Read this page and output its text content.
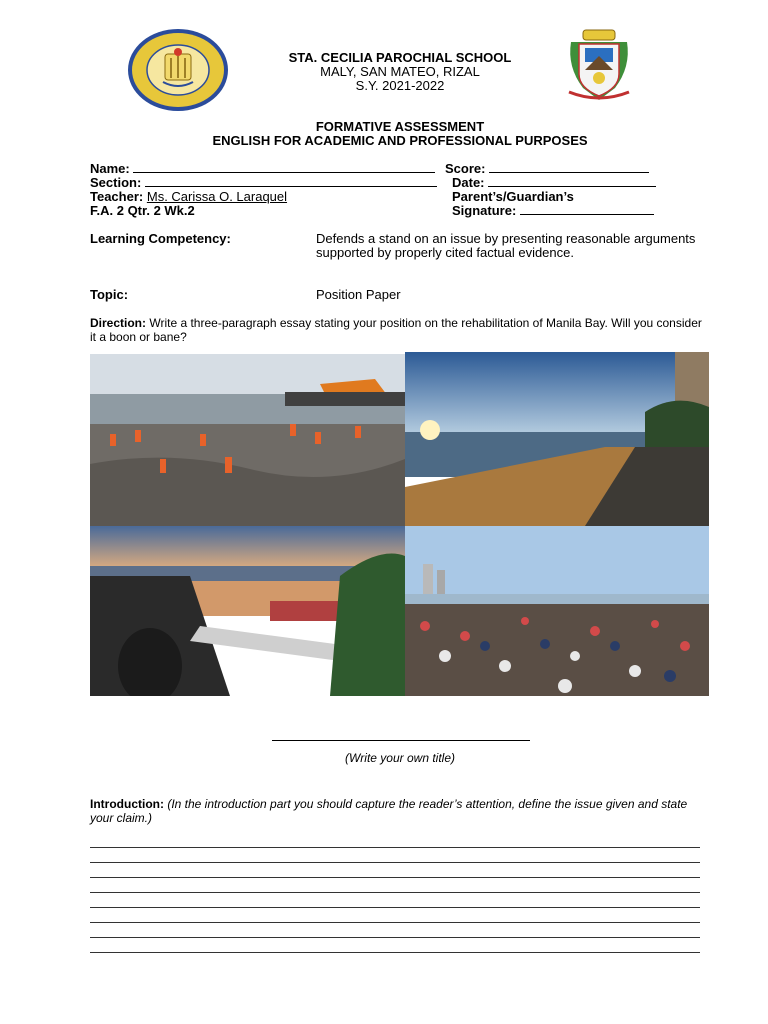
STA. CECILIA PAROCHIAL SCHOOL
MALY, SAN MATEO, RIZAL
S.Y. 2021-2022
FORMATIVE ASSESSMENT
ENGLISH FOR ACADEMIC AND PROFESSIONAL PURPOSES
Name:	Score:
Section:	Date:
Teacher: Ms. Carissa O. Laraquel	Parent’s/Guardian’s
F.A. 2 Qtr. 2 Wk.2	Signature:
Learning Competency:	Defends a stand on an issue by presenting reasonable arguments supported by properly cited factual evidence.
Topic:	Position Paper
Direction: Write a three-paragraph essay stating your position on the rehabilitation of Manila Bay. Will you consider it a boon or bane?
(Write your own title)
Introduction: (In the introduction part you should capture the reader’s attention, define the issue given and state your claim.)
